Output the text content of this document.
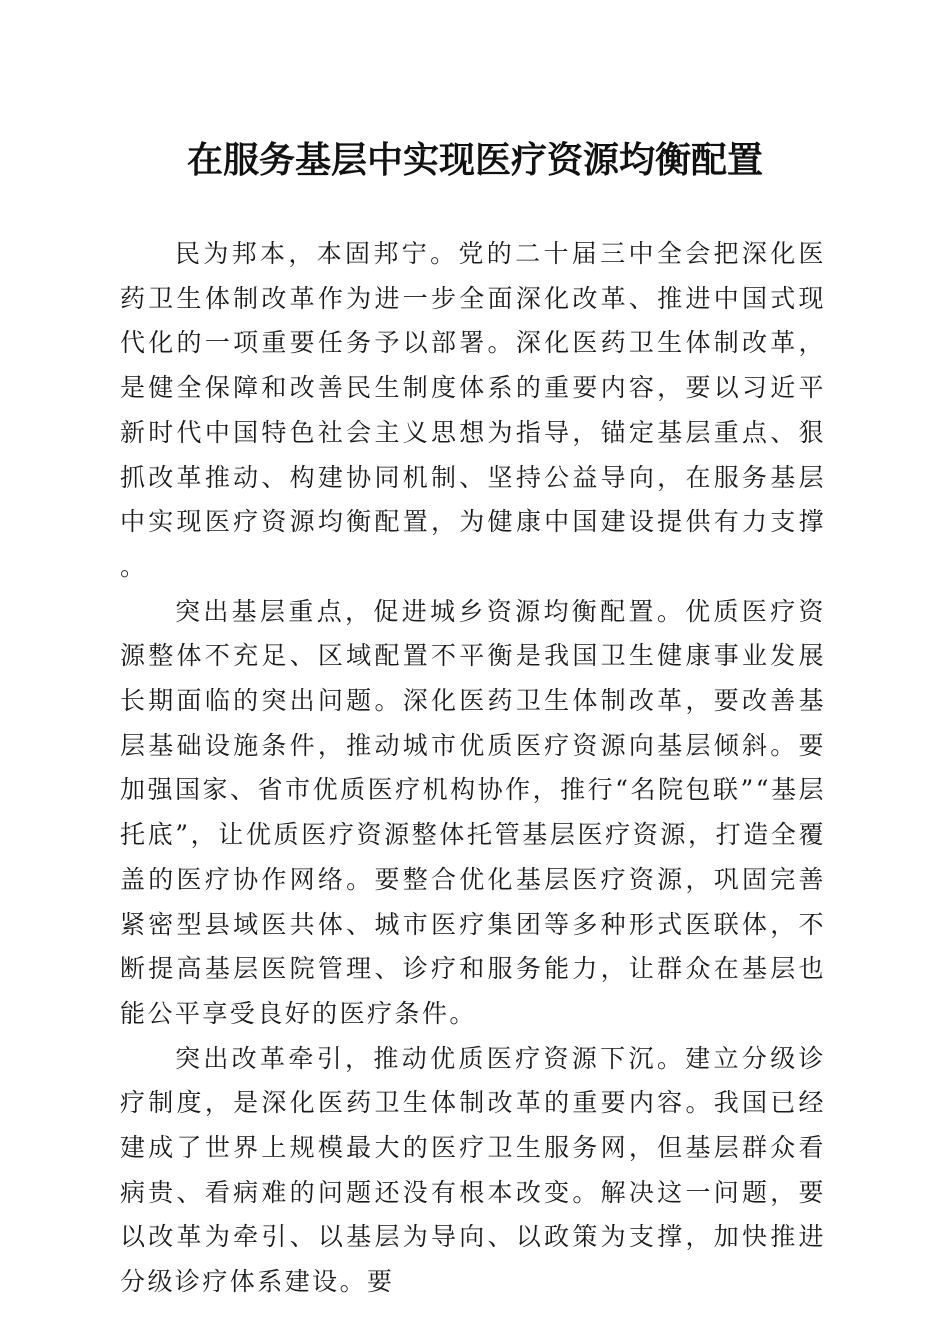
在服务基层中实现医疗资源均衡配置

民为邦本，本固邦宁。党的二十届三中全会把深化医药卫生体制改革作为进一步全面深化改革、推进中国式现代化的一项重要任务予以部署。深化医药卫生体制改革，是健全保障和改善民生制度体系的重要内容，要以习近平新时代中国特色社会主义思想为指导，锚定基层重点、狠抓改革推动、构建协同机制、坚持公益导向，在服务基层中实现医疗资源均衡配置，为健康中国建设提供有力支撑。

突出基层重点，促进城乡资源均衡配置。优质医疗资源整体不充足、区域配置不平衡是我国卫生健康事业发展长期面临的突出问题。深化医药卫生体制改革，要改善基层基础设施条件，推动城市优质医疗资源向基层倾斜。要加强国家、省市优质医疗机构协作，推行“名院包联”“基层托底”，让优质医疗资源整体托管基层医疗资源，打造全覆盖的医疗协作网络。要整合优化基层医疗资源，巩固完善紧密型县域医共体、城市医疗集团等多种形式医联体，不断提高基层医院管理、诊疗和服务能力，让群众在基层也能公平享受良好的医疗条件。

突出改革牵引，推动优质医疗资源下沉。建立分级诊疗制度，是深化医药卫生体制改革的重要内容。我国已经建成了世界上规模最大的医疗卫生服务网，但基层群众看病贵、看病难的问题还没有根本改变。解决这一问题，要以改革为牵引、以基层为导向、以政策为支撑，加快推进分级诊疗体系建设。要
